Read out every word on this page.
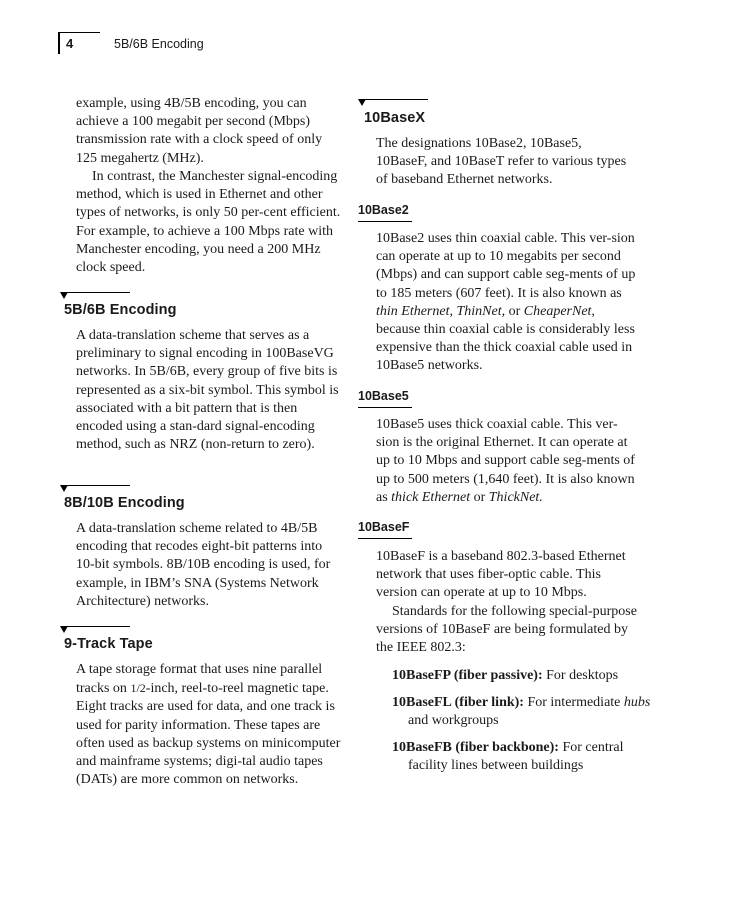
4	5B/6B Encoding

example, using 4B/5B encoding, you can achieve a 100 megabit per second (Mbps) transmission rate with a clock speed of only 125 megahertz (MHz).

In contrast, the Manchester signal-encoding method, which is used in Ethernet and other types of networks, is only 50 per-cent efficient. For example, to achieve a 100 Mbps rate with Manchester encoding, you need a 200 MHz clock speed.

5B/6B Encoding

A data-translation scheme that serves as a preliminary to signal encoding in 100BaseVG networks. In 5B/6B, every group of five bits is represented as a six-bit symbol. This symbol is associated with a bit pattern that is then encoded using a stan-dard signal-encoding method, such as NRZ (non-return to zero).

8B/10B Encoding

A data-translation scheme related to 4B/5B encoding that recodes eight-bit patterns into 10-bit symbols. 8B/10B encoding is used, for example, in IBM’s SNA (Systems Network Architecture) networks.

9-Track Tape

A tape storage format that uses nine parallel tracks on 1/2-inch, reel-to-reel magnetic tape. Eight tracks are used for data, and one track is used for parity information. These tapes are often used as backup systems on minicomputer and mainframe systems; digi-tal audio tapes (DATs) are more common on networks.

10BaseX

The designations 10Base2, 10Base5, 10BaseF, and 10BaseT refer to various types of baseband Ethernet networks.

10Base2

10Base2 uses thin coaxial cable. This ver-sion can operate at up to 10 megabits per second (Mbps) and can support cable seg-ments of up to 185 meters (607 feet). It is also known as thin Ethernet, ThinNet, or CheaperNet, because thin coaxial cable is considerably less expensive than the thick coaxial cable used in 10Base5 networks.

10Base5

10Base5 uses thick coaxial cable. This ver-sion is the original Ethernet. It can operate at up to 10 Mbps and support cable seg-ments of up to 500 meters (1,640 feet). It is also known as thick Ethernet or ThickNet.

10BaseF

10BaseF is a baseband 802.3-based Ethernet network that uses fiber-optic cable. This version can operate at up to 10 Mbps.

Standards for the following special-purpose versions of 10BaseF are being formulated by the IEEE 802.3:

10BaseFP (fiber passive): For desktops

10BaseFL (fiber link): For intermediate hubs and workgroups

10BaseFB (fiber backbone): For central facility lines between buildings
